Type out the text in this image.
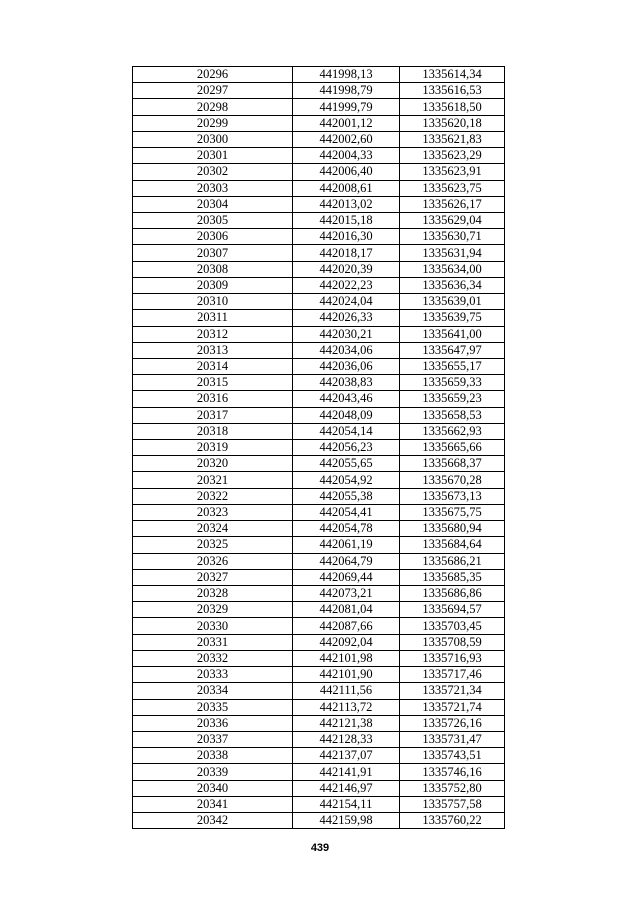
20296	441998,13	1335614,34
20297	441998,79	1335616,53
20298	441999,79	1335618,50
20299	442001,12	1335620,18
20300	442002,60	1335621,83
20301	442004,33	1335623,29
20302	442006,40	1335623,91
20303	442008,61	1335623,75
20304	442013,02	1335626,17
20305	442015,18	1335629,04
20306	442016,30	1335630,71
20307	442018,17	1335631,94
20308	442020,39	1335634,00
20309	442022,23	1335636,34
20310	442024,04	1335639,01
20311	442026,33	1335639,75
20312	442030,21	1335641,00
20313	442034,06	1335647,97
20314	442036,06	1335655,17
20315	442038,83	1335659,33
20316	442043,46	1335659,23
20317	442048,09	1335658,53
20318	442054,14	1335662,93
20319	442056,23	1335665,66
20320	442055,65	1335668,37
20321	442054,92	1335670,28
20322	442055,38	1335673,13
20323	442054,41	1335675,75
20324	442054,78	1335680,94
20325	442061,19	1335684,64
20326	442064,79	1335686,21
20327	442069,44	1335685,35
20328	442073,21	1335686,86
20329	442081,04	1335694,57
20330	442087,66	1335703,45
20331	442092,04	1335708,59
20332	442101,98	1335716,93
20333	442101,90	1335717,46
20334	442111,56	1335721,34
20335	442113,72	1335721,74
20336	442121,38	1335726,16
20337	442128,33	1335731,47
20338	442137,07	1335743,51
20339	442141,91	1335746,16
20340	442146,97	1335752,80
20341	442154,11	1335757,58
20342	442159,98	1335760,22
439
